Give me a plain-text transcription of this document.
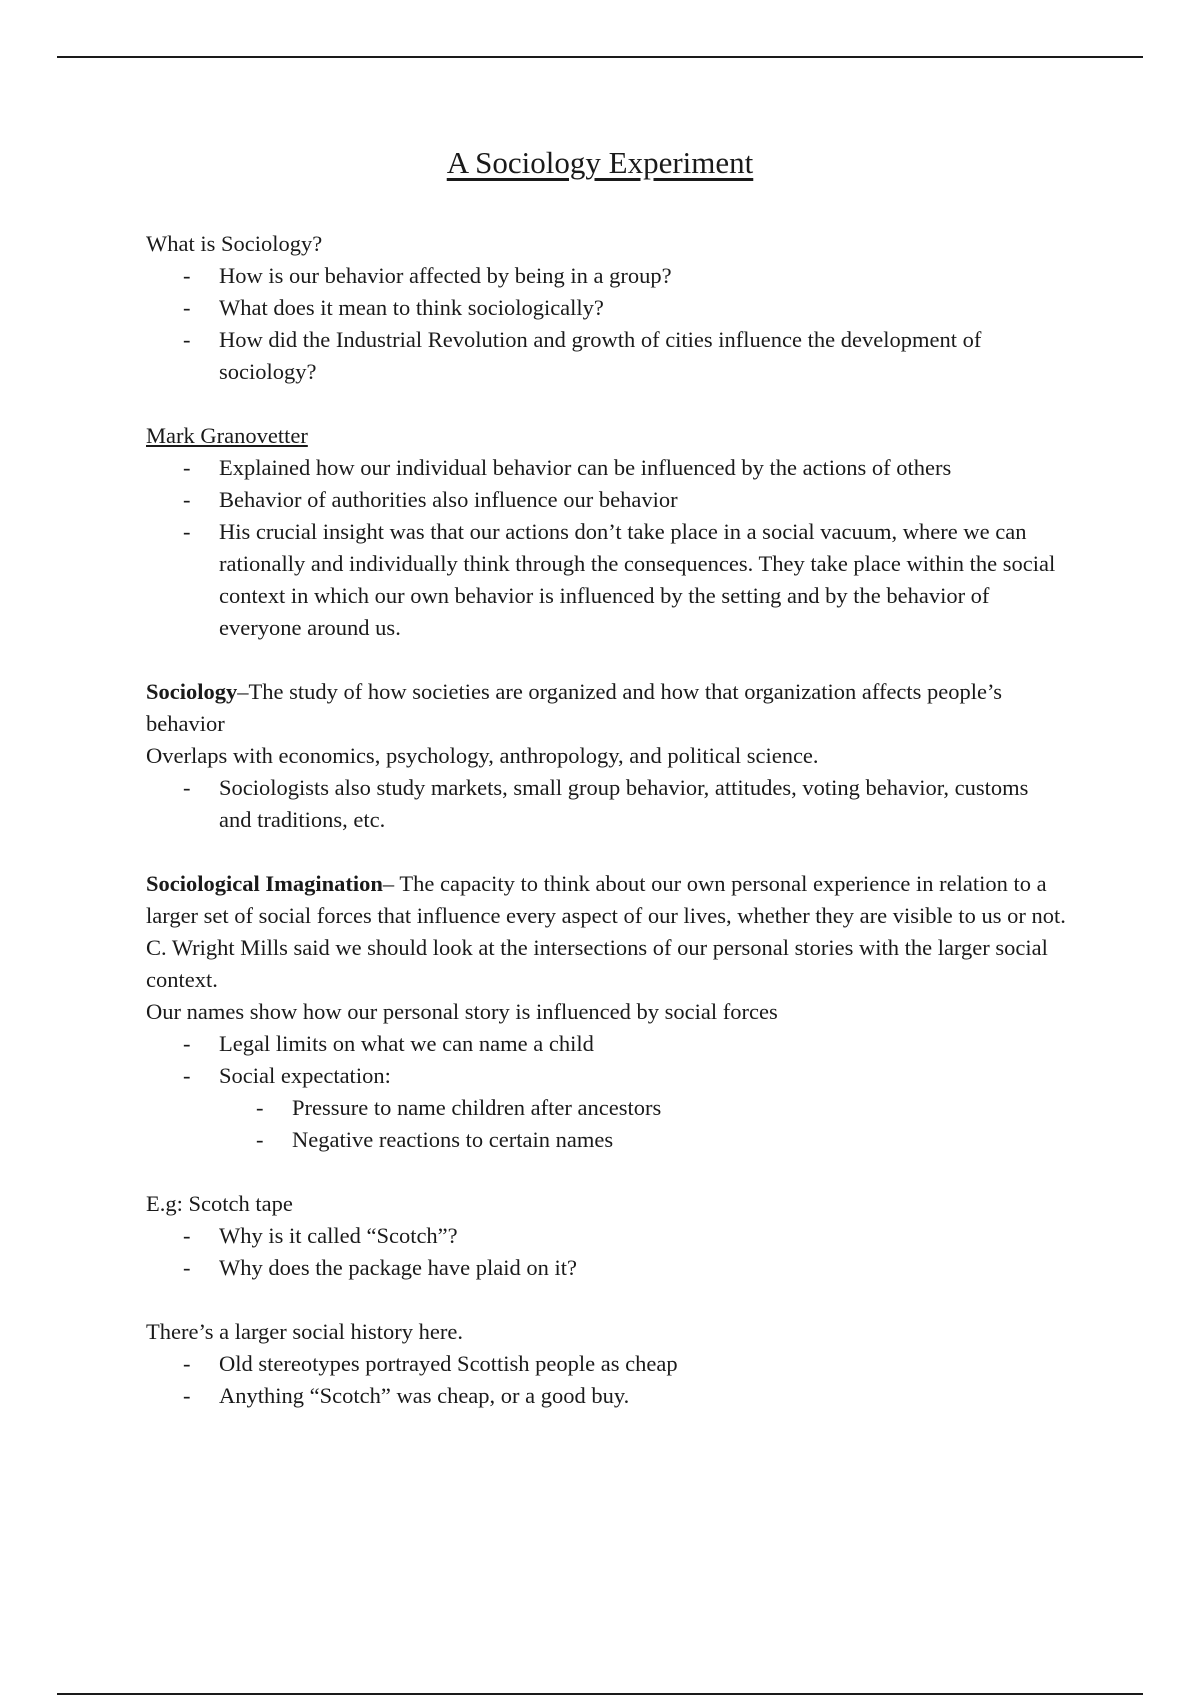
A Sociology Experiment

What is Sociology?

- How is our behavior affected by being in a group?
- What does it mean to think sociologically?
- How did the Industrial Revolution and growth of cities influence the development of sociology?

Mark Granovetter

- Explained how our individual behavior can be influenced by the actions of others
- Behavior of authorities also influence our behavior
- His crucial insight was that our actions don’t take place in a social vacuum, where we can rationally and individually think through the consequences. They take place within the social context in which our own behavior is influenced by the setting and by the behavior of everyone around us.

Sociology–The study of how societies are organized and how that organization affects people’s behavior

Overlaps with economics, psychology, anthropology, and political science.

- Sociologists also study markets, small group behavior, attitudes, voting behavior, customs and traditions, etc.

Sociological Imagination– The capacity to think about our own personal experience in relation to a larger set of social forces that influence every aspect of our lives, whether they are visible to us or not.

C. Wright Mills said we should look at the intersections of our personal stories with the larger social context.

Our names show how our personal story is influenced by social forces

- Legal limits on what we can name a child
- Social expectation:
- Pressure to name children after ancestors
- Negative reactions to certain names

E.g: Scotch tape

- Why is it called “Scotch”?
- Why does the package have plaid on it?

There’s a larger social history here.

- Old stereotypes portrayed Scottish people as cheap
- Anything “Scotch” was cheap, or a good buy.
